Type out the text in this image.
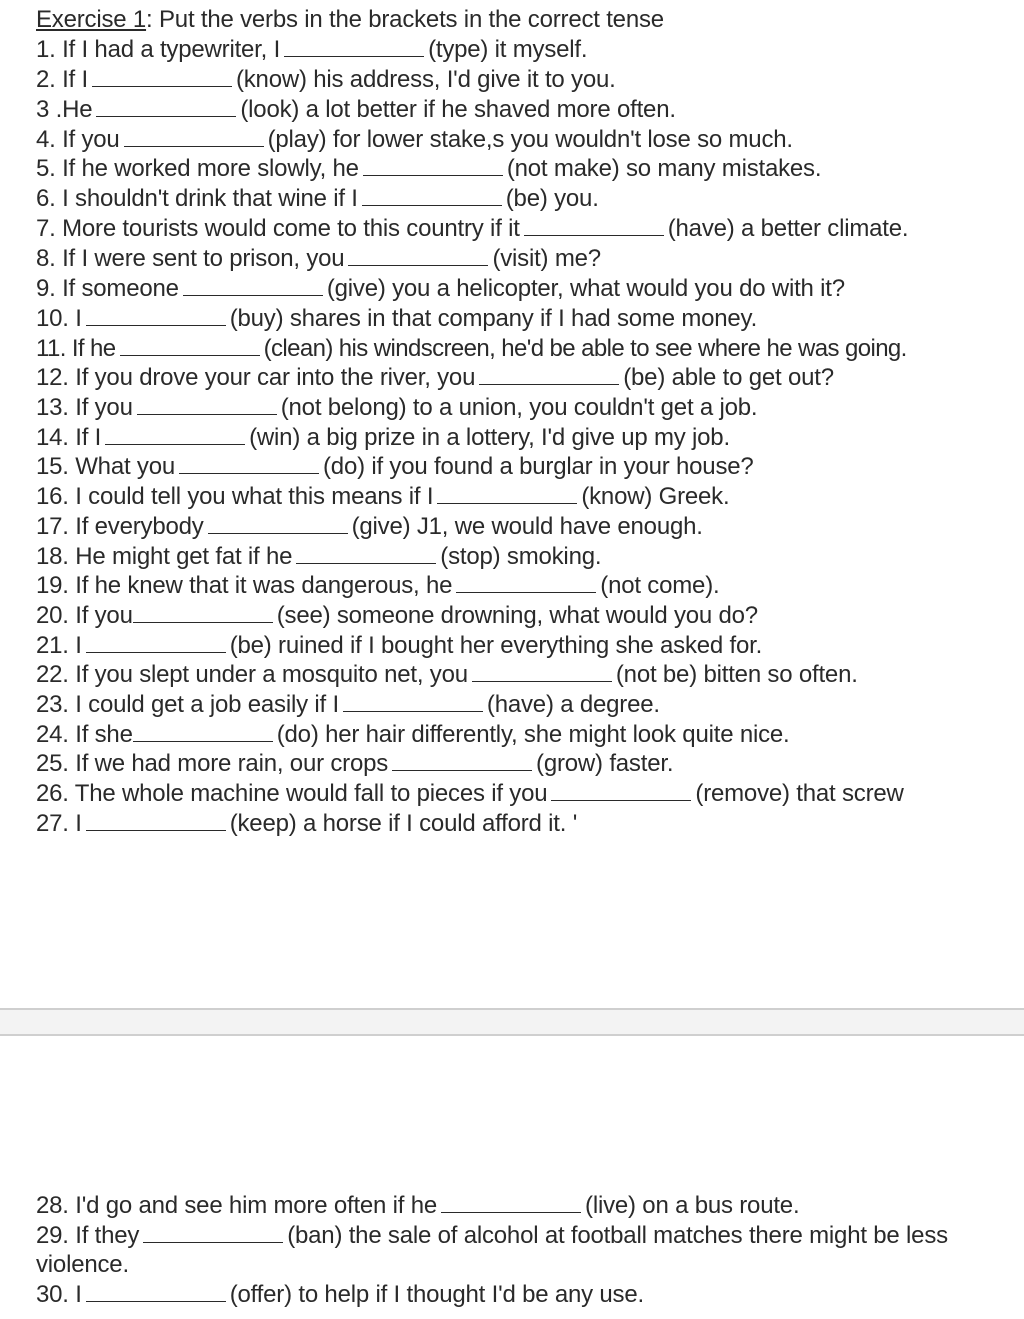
Exercise 1: Put the verbs in the brackets in the correct tense
1. If I had a typewriter, I	(type) it myself.
2. If I	(know) his address, I'd give it to you.
3 .He	(look) a lot better if he shaved more often.
4. If you	(play) for lower stake,s you wouldn't lose so much.
5. If he worked more slowly, he	(not make) so many mistakes.
6. I shouldn't drink that wine if I	(be) you.
7. More tourists would come to this country if it	(have) a better climate.
8. If I were sent to prison, you	(visit) me?
9. If someone	(give) you a helicopter, what would you do with it?
10. I	(buy) shares in that company if I had some money.
11. If he	(clean) his windscreen, he'd be able to see where he was going.
12. If you drove your car into the river, you	(be) able to get out?
13. If you	(not belong) to a union, you couldn't get a job.
14. If I	(win) a big prize in a lottery, I'd give up my job.
15. What you	(do) if you found a burglar in your house?
16. I could tell you what this means if I	(know) Greek.
17. If everybody	(give) J1, we would have enough.
18. He might get fat if he	(stop) smoking.
19. If he knew that it was dangerous, he	(not come).
20. If you	(see) someone drowning, what would you do?
21. I	(be) ruined if I bought her everything she asked for.
22. If you slept under a mosquito net, you	(not be) bitten so often.
23. I could get a job easily if I	(have) a degree.
24. If she	(do) her hair differently, she might look quite nice.
25. If we had more rain, our crops	(grow) faster.
26. The whole machine would fall to pieces if you	(remove) that screw
27. I	(keep) a horse if I could afford it. '
28. I'd go and see him more often if he	(live) on a bus route.
29. If they	(ban) the sale of alcohol at football matches there might be less
violence.
30. I	(offer) to help if I thought I'd be any use.
